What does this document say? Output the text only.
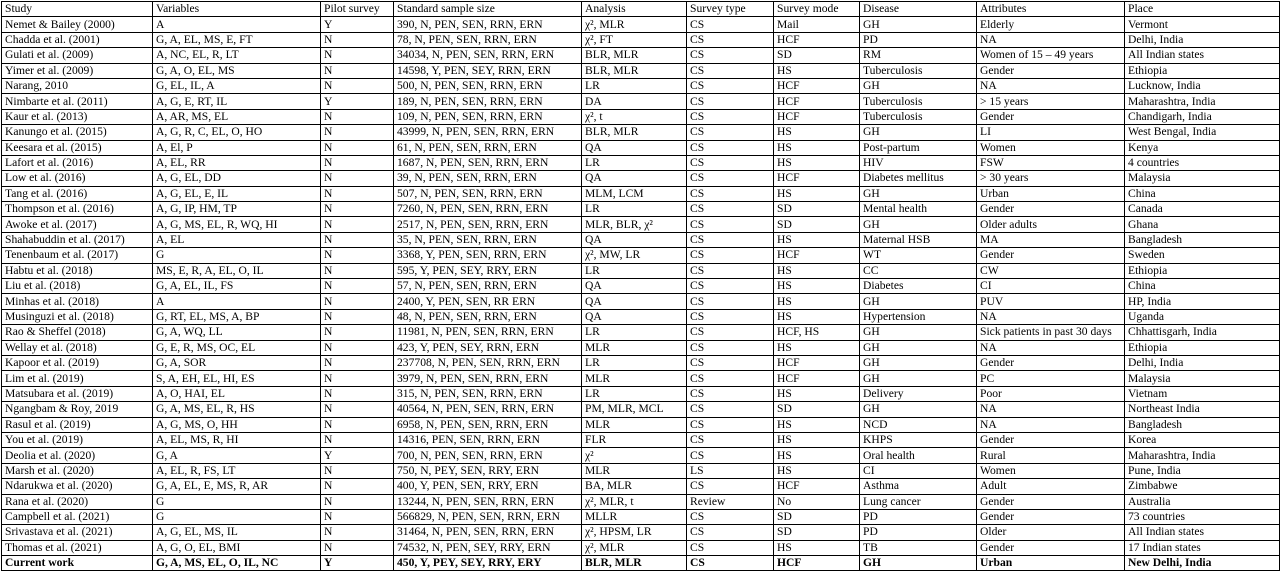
Study	Variables	Pilot survey	Standard sample size	Analysis	Survey type	Survey mode	Disease	Attributes	Place
Nemet & Bailey (2000)	A	Y	390, N, PEN, SEN, RRN, ERN	χ², MLR	CS	Mail	GH	Elderly	Vermont
Chadda et al. (2001)	G, A, EL, MS, E, FT	N	78, N, PEN, SEN, RRN, ERN	χ², FT	CS	HCF	PD	NA	Delhi, India
Gulati et al. (2009)	A, NC, EL, R, LT	N	34034, N, PEN, SEN, RRN, ERN	BLR, MLR	CS	SD	RM	Women of 15 – 49 years	All Indian states
Yimer et al. (2009)	G, A, O, EL, MS	N	14598, Y, PEN, SEY, RRN, ERN	BLR, MLR	CS	HS	Tuberculosis	Gender	Ethiopia
Narang, 2010	G, EL, IL, A	N	500, N, PEN, SEN, RRN, ERN	LR	CS	HCF	GH	NA	Lucknow, India
Nimbarte et al. (2011)	A, G, E, RT, IL	Y	189, N, PEN, SEN, RRN, ERN	DA	CS	HCF	Tuberculosis	> 15 years	Maharashtra, India
Kaur et al. (2013)	A, AR, MS, EL	N	109, N, PEN, SEN, RRN, ERN	χ², t	CS	HCF	Tuberculosis	Gender	Chandigarh, India
Kanungo et al. (2015)	A, G, R, C, EL, O, HO	N	43999, N, PEN, SEN, RRN, ERN	BLR, MLR	CS	HS	GH	LI	West Bengal, India
Keesara et al. (2015)	A, El, P	N	61, N, PEN, SEN, RRN, ERN	QA	CS	HS	Post-partum	Women	Kenya
Lafort et al. (2016)	A, EL, RR	N	1687, N, PEN, SEN, RRN, ERN	LR	CS	HS	HIV	FSW	4 countries
Low et al. (2016)	A, G, EL, DD	N	39, N, PEN, SEN, RRN, ERN	QA	CS	HCF	Diabetes mellitus	> 30 years	Malaysia
Tang et al. (2016)	A, G, EL, E, IL	N	507, N, PEN, SEN, RRN, ERN	MLM, LCM	CS	HS	GH	Urban	China
Thompson et al. (2016)	A, G, IP, HM, TP	N	7260, N, PEN, SEN, RRN, ERN	LR	CS	SD	Mental health	Gender	Canada
Awoke et al. (2017)	A, G, MS, EL, R, WQ, HI	N	2517, N, PEN, SEN, RRN, ERN	MLR, BLR, χ²	CS	SD	GH	Older adults	Ghana
Shahabuddin et al. (2017)	A, EL	N	35, N, PEN, SEN, RRN, ERN	QA	CS	HS	Maternal HSB	MA	Bangladesh
Tenenbaum et al. (2017)	G	N	3368, Y, PEN, SEN, RRN, ERN	χ², MW, LR	CS	HCF	WT	Gender	Sweden
Habtu et al. (2018)	MS, E, R, A, EL, O, IL	N	595, Y, PEN, SEY, RRY, ERN	LR	CS	HS	CC	CW	Ethiopia
Liu et al. (2018)	G, A, EL, IL, FS	N	57, N, PEN, SEN, RRN, ERN	QA	CS	HS	Diabetes	CI	China
Minhas et al. (2018)	A	N	2400, Y, PEN, SEN, RR ERN	QA	CS	HS	GH	PUV	HP, India
Musinguzi et al. (2018)	G, RT, EL, MS, A, BP	N	48, N, PEN, SEN, RRN, ERN	QA	CS	HS	Hypertension	NA	Uganda
Rao & Sheffel (2018)	G, A, WQ, LL	N	11981, N, PEN, SEN, RRN, ERN	LR	CS	HCF, HS	GH	Sick patients in past 30 days	Chhattisgarh, India
Wellay et al. (2018)	G, E, R, MS, OC, EL	N	423, Y, PEN, SEY, RRN, ERN	MLR	CS	HS	GH	NA	Ethiopia
Kapoor et al. (2019)	G, A, SOR	N	237708, N, PEN, SEN, RRN, ERN	LR	CS	HCF	GH	Gender	Delhi, India
Lim et al. (2019)	S, A, EH, EL, HI, ES	N	3979, N, PEN, SEN, RRN, ERN	MLR	CS	HCF	GH	PC	Malaysia
Matsubara et al. (2019)	A, O, HAI, EL	N	315, N, PEN, SEN, RRN, ERN	LR	CS	HS	Delivery	Poor	Vietnam
Ngangbam & Roy, 2019	G, A, MS, EL, R, HS	N	40564, N, PEN, SEN, RRN, ERN	PM, MLR, MCL	CS	SD	GH	NA	Northeast India
Rasul et al. (2019)	A, G, MS, O, HH	N	6958, N, PEN, SEN, RRN, ERN	MLR	CS	HS	NCD	NA	Bangladesh
You et al. (2019)	A, EL, MS, R, HI	N	14316, PEN, SEN, RRN, ERN	FLR	CS	HS	KHPS	Gender	Korea
Deolia et al. (2020)	G, A	Y	700, N, PEN, SEN, RRN, ERN	χ²	CS	HS	Oral health	Rural	Maharashtra, India
Marsh et al. (2020)	A, EL, R, FS, LT	N	750, N, PEY, SEN, RRY, ERN	MLR	LS	HS	CI	Women	Pune, India
Ndarukwa et al. (2020)	G, A, EL, E, MS, R, AR	N	400, Y, PEN, SEN, RRY, ERN	BA, MLR	CS	HCF	Asthma	Adult	Zimbabwe
Rana et al. (2020)	G	N	13244, N, PEN, SEN, RRN, ERN	χ², MLR, t	Review	No	Lung cancer	Gender	Australia
Campbell et al. (2021)	G	N	566829, N, PEN, SEN, RRN, ERN	MLLR	CS	SD	PD	Gender	73 countries
Srivastava et al. (2021)	A, G, EL, MS, IL	N	31464, N, PEN, SEN, RRN, ERN	χ², HPSM, LR	CS	SD	PD	Older	All Indian states
Thomas et al. (2021)	A, G, O, EL, BMI	N	74532, N, PEN, SEY, RRY, ERN	χ², MLR	CS	HS	TB	Gender	17 Indian states
Current work	G, A, MS, EL, O, IL, NC	Y	450, Y, PEY, SEY, RRY, ERY	BLR, MLR	CS	HCF	GH	Urban	New Delhi, India
